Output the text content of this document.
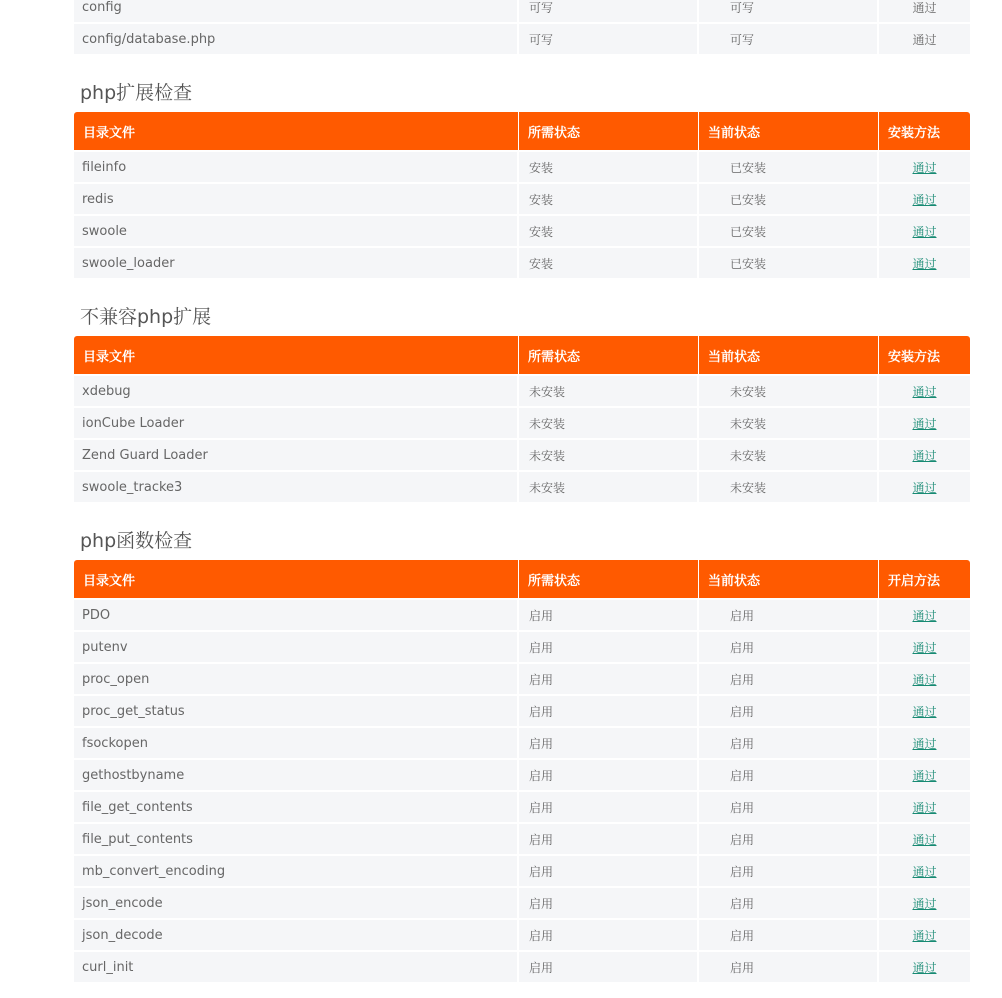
config	可写	可写	通过
config/database.php	可写	可写	通过
php扩展检查
目录文件	所需状态	当前状态	安装方法
fileinfo	安装	已安装	通过
redis	安装	已安装	通过
swoole	安装	已安装	通过
swoole_loader	安装	已安装	通过
不兼容php扩展
目录文件	所需状态	当前状态	安装方法
xdebug	未安装	未安装	通过
ionCube Loader	未安装	未安装	通过
Zend Guard Loader	未安装	未安装	通过
swoole_tracke3	未安装	未安装	通过
php函数检查
目录文件	所需状态	当前状态	开启方法
PDO	启用	启用	通过
putenv	启用	启用	通过
proc_open	启用	启用	通过
proc_get_status	启用	启用	通过
fsockopen	启用	启用	通过
gethostbyname	启用	启用	通过
file_get_contents	启用	启用	通过
file_put_contents	启用	启用	通过
mb_convert_encoding	启用	启用	通过
json_encode	启用	启用	通过
json_decode	启用	启用	通过
curl_init	启用	启用	通过
